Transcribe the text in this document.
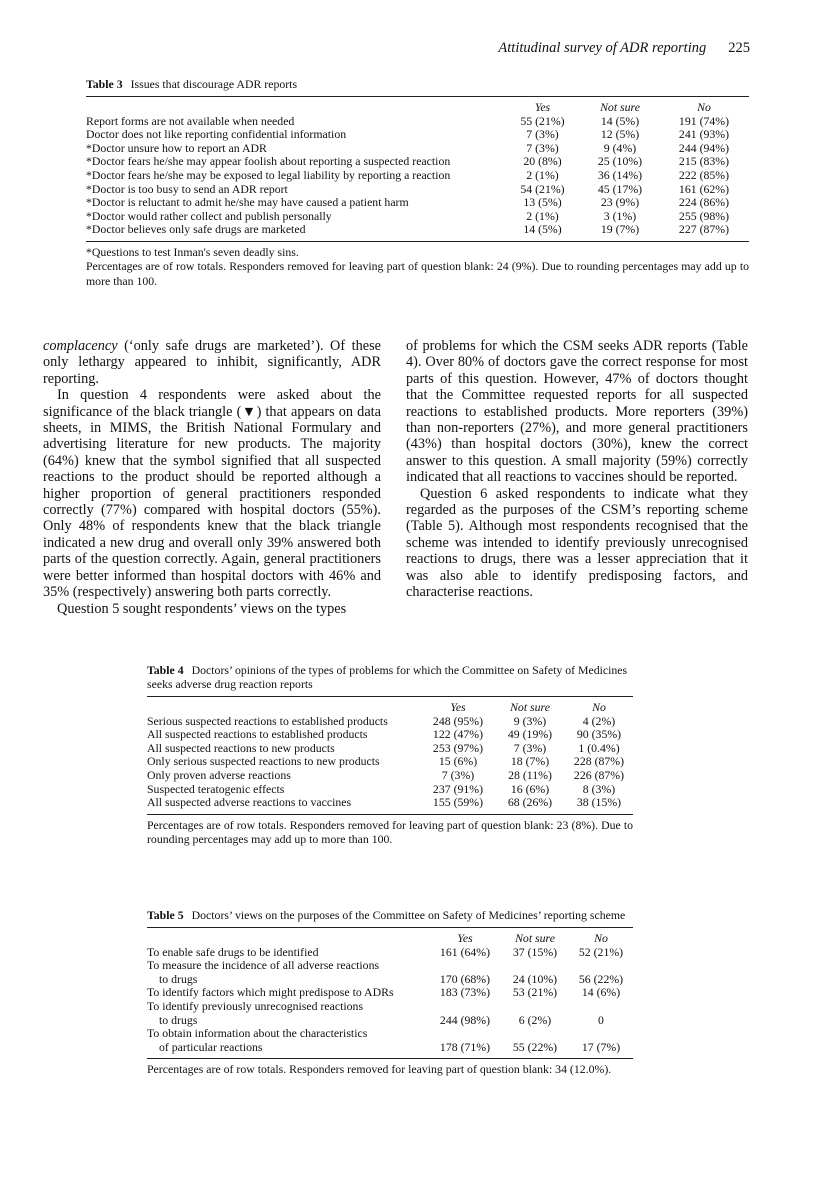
Attitudinal survey of ADR reporting 225
Table 3 Issues that discourage ADR reports
	Yes	Not sure	No
Report forms are not available when needed	55 (21%)	14 (5%)	191 (74%)
Doctor does not like reporting confidential information	7 (3%)	12 (5%)	241 (93%)
*Doctor unsure how to report an ADR	7 (3%)	9 (4%)	244 (94%)
*Doctor fears he/she may appear foolish about reporting a suspected reaction	20 (8%)	25 (10%)	215 (83%)
*Doctor fears he/she may be exposed to legal liability by reporting a reaction	2 (1%)	36 (14%)	222 (85%)
*Doctor is too busy to send an ADR report	54 (21%)	45 (17%)	161 (62%)
*Doctor is reluctant to admit he/she may have caused a patient harm	13 (5%)	23 (9%)	224 (86%)
*Doctor would rather collect and publish personally	2 (1%)	3 (1%)	255 (98%)
*Doctor believes only safe drugs are marketed	14 (5%)	19 (7%)	227 (87%)
*Questions to test Inman's seven deadly sins.
Percentages are of row totals. Responders removed for leaving part of question blank: 24 (9%). Due to rounding percentages may add up to more than 100.

complacency (‘only safe drugs are marketed’). Of these only lethargy appeared to inhibit, significantly, ADR reporting.

In question 4 respondents were asked about the significance of the black triangle (▼) that appears on data sheets, in MIMS, the British National Formulary and advertising literature for new products. The majority (64%) knew that the symbol signified that all suspected reactions to the product should be reported although a higher proportion of general practitioners responded correctly (77%) compared with hospital doctors (55%). Only 48% of respondents knew that the black triangle indicated a new drug and overall only 39% answered both parts of the question correctly. Again, general practitioners were better informed than hospital doctors with 46% and 35% (respectively) answering both parts correctly.

Question 5 sought respondents’ views on the types

of problems for which the CSM seeks ADR reports (Table 4). Over 80% of doctors gave the correct response for most parts of this question. However, 47% of doctors thought that the Committee requested reports for all suspected reactions to established products. More reporters (39%) than non-reporters (27%), and more general practitioners (43%) than hospital doctors (30%), knew the correct answer to this question. A small majority (59%) correctly indicated that all reactions to vaccines should be reported.

Question 6 asked respondents to indicate what they regarded as the purposes of the CSM’s reporting scheme (Table 5). Although most respondents recognised that the scheme was intended to identify previously unrecognised reactions to drugs, there was a lesser appreciation that it was also able to identify predisposing factors, and characterise reactions.

Table 4 Doctors’ opinions of the types of problems for which the Committee on Safety of Medicines seeks adverse drug reaction reports
	Yes	Not sure	No
Serious suspected reactions to established products	248 (95%)	9 (3%)	4 (2%)
All suspected reactions to established products	122 (47%)	49 (19%)	90 (35%)
All suspected reactions to new products	253 (97%)	7 (3%)	1 (0.4%)
Only serious suspected reactions to new products	15 (6%)	18 (7%)	228 (87%)
Only proven adverse reactions	7 (3%)	28 (11%)	226 (87%)
Suspected teratogenic effects	237 (91%)	16 (6%)	8 (3%)
All suspected adverse reactions to vaccines	155 (59%)	68 (26%)	38 (15%)
Percentages are of row totals. Responders removed for leaving part of question blank: 23 (8%). Due to rounding percentages may add up to more than 100.
Table 5 Doctors’ views on the purposes of the Committee on Safety of Medicines’ reporting scheme
	Yes	Not sure	No
To enable safe drugs to be identified	161 (64%)	37 (15%)	52 (21%)

To measure the incidence of all adverse reactions
to drugs	170 (68%)	24 (10%)	56 (22%)
To identify factors which might predispose to ADRs	183 (73%)	53 (21%)	14 (6%)

To identify previously unrecognised reactions
to drugs	244 (98%)	6 (2%)	0

To obtain information about the characteristics
of particular reactions	178 (71%)	55 (22%)	17 (7%)
Percentages are of row totals. Responders removed for leaving part of question blank: 34 (12.0%).
